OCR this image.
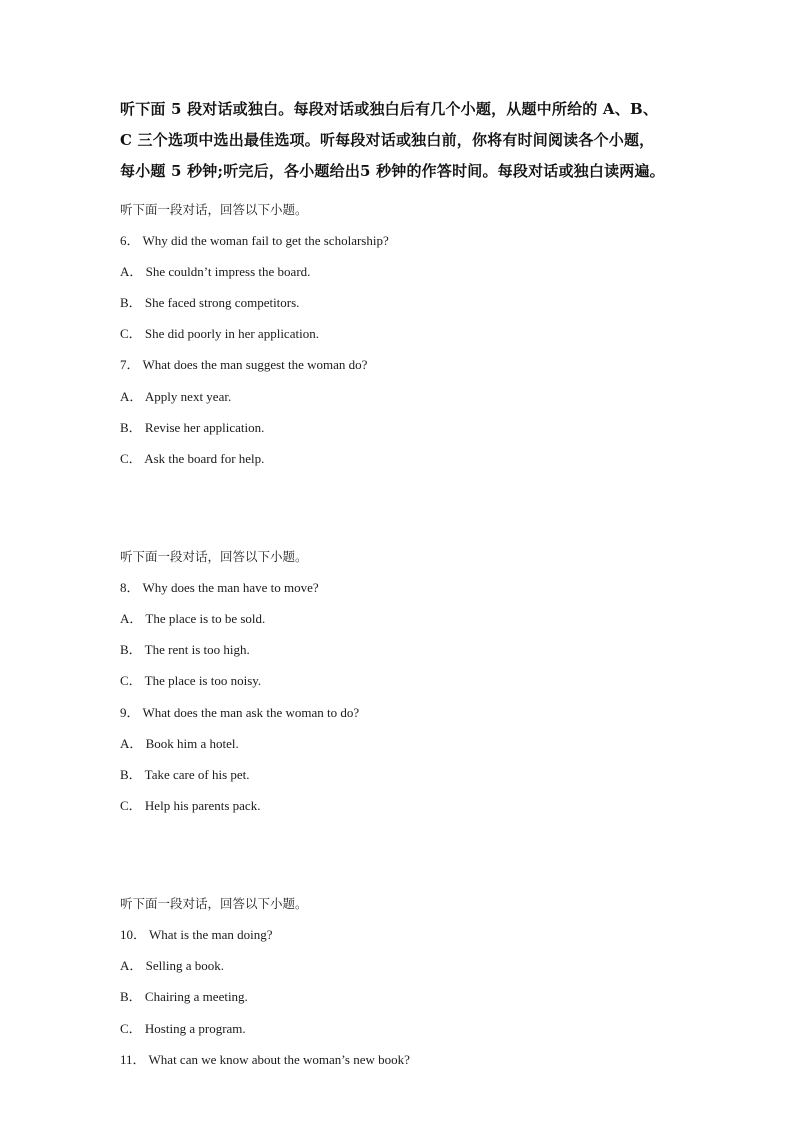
听下面 5 段对话或独白。每段对话或独白后有几个小题，从题中所给的 A、B、
C 三个选项中选出最佳选项。听每段对话或独白前，你将有时间阅读各个小题，
每小题 5 秒钟;听完后，各小题给出5 秒钟的作答时间。每段对话或独白读两遍。
听下面一段对话，回答以下小题。
6． Why did the woman fail to get the scholarship?
A． She couldn’t impress the board.
B． She faced strong competitors.
C． She did poorly in her application.
7． What does the man suggest the woman do?
A． Apply next year.
B． Revise her application.
C． Ask the board for help.
听下面一段对话，回答以下小题。
8． Why does the man have to move?
A． The place is to be sold.
B． The rent is too high.
C． The place is too noisy.
9． What does the man ask the woman to do?
A． Book him a hotel.
B． Take care of his pet.
C． Help his parents pack.
听下面一段对话，回答以下小题。
10． What is the man doing?
A． Selling a book.
B． Chairing a meeting.
C． Hosting a program.
11． What can we know about the woman’s new book?
